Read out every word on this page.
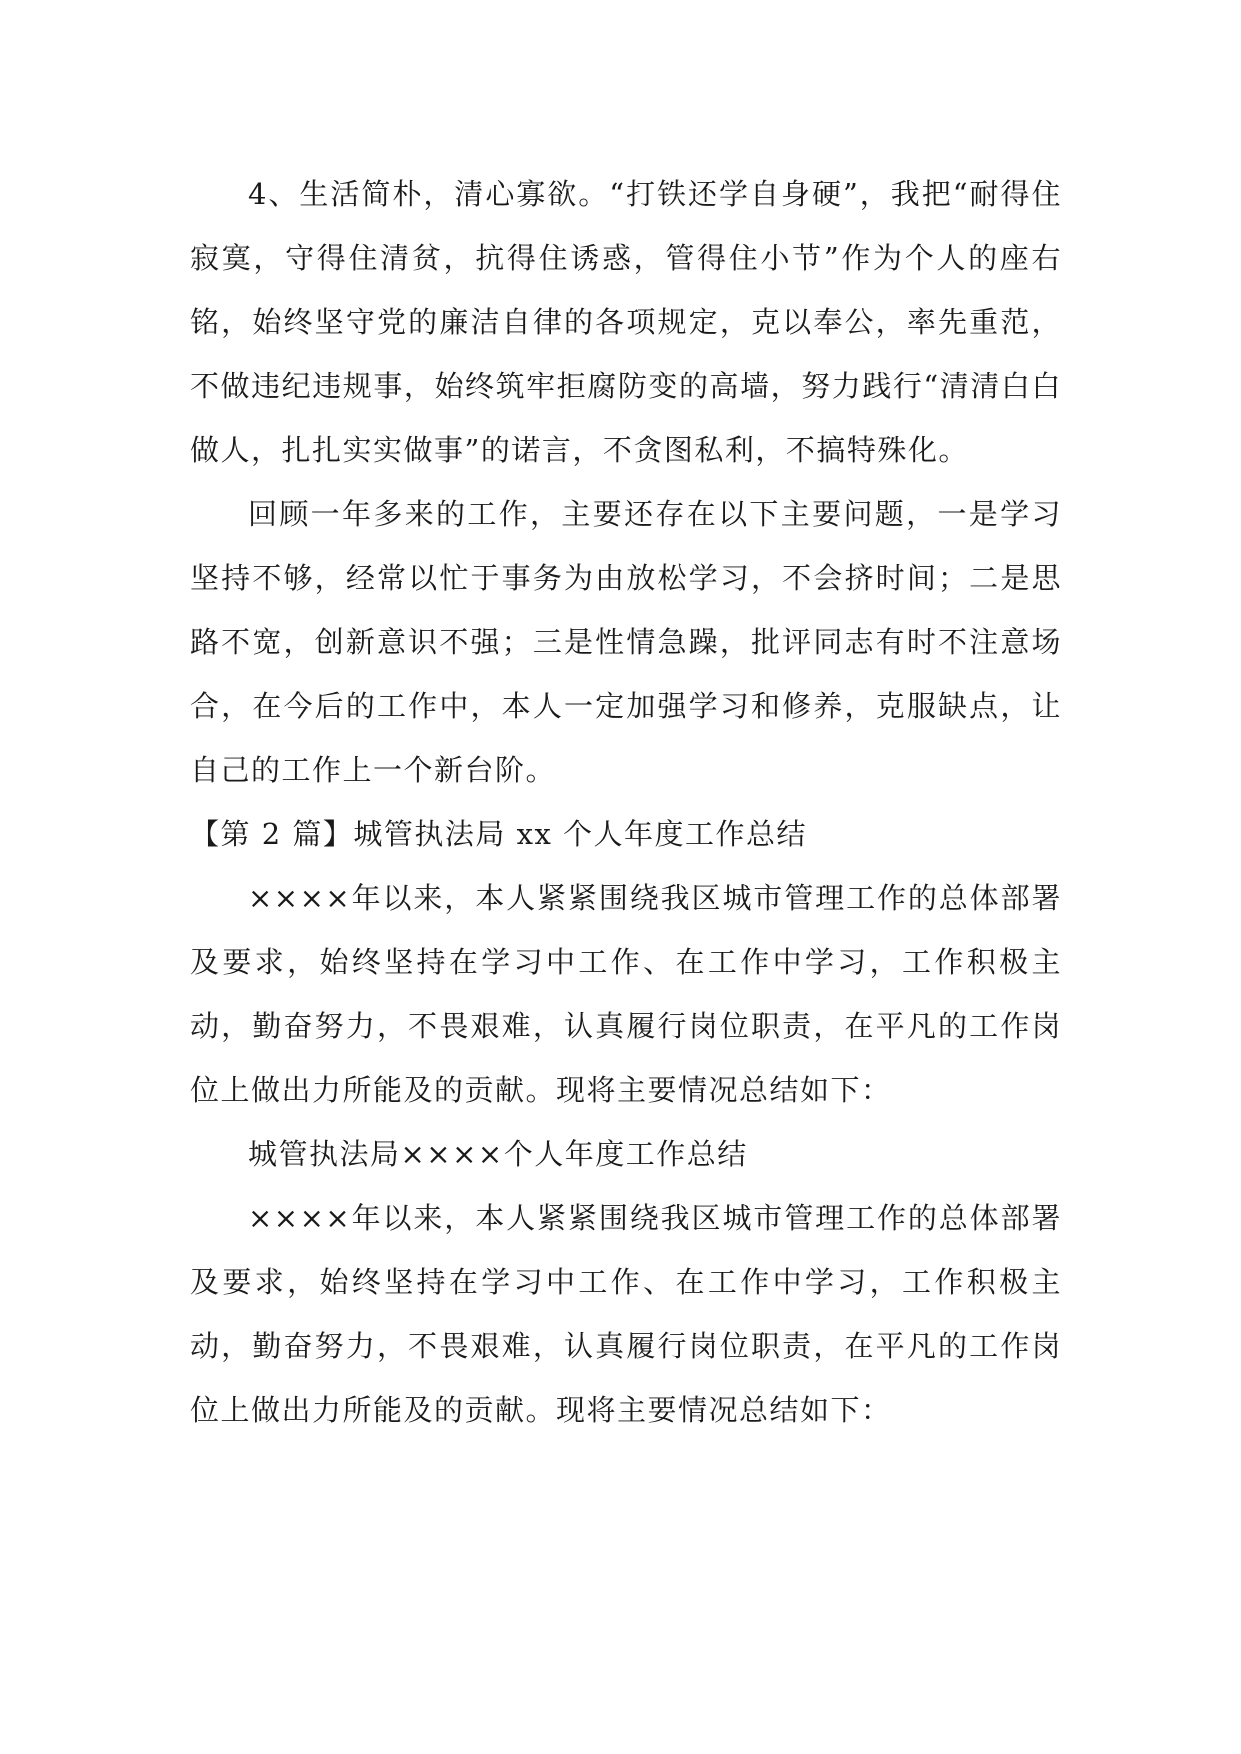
4、生活简朴，清心寡欲。“打铁还学自身硬”，我把“耐得住寂寞，守得住清贫，抗得住诱惑，管得住小节”作为个人的座右铭，始终坚守党的廉洁自律的各项规定，克以奉公，率先重范，不做违纪违规事，始终筑牢拒腐防变的高墙，努力践行“清清白白做人，扎扎实实做事”的诺言，不贪图私利，不搞特殊化。

回顾一年多来的工作，主要还存在以下主要问题，一是学习坚持不够，经常以忙于事务为由放松学习，不会挤时间；二是思路不宽，创新意识不强；三是性情急躁，批评同志有时不注意场合，在今后的工作中，本人一定加强学习和修养，克服缺点，让自己的工作上一个新台阶。

【第 2 篇】城管执法局 xx 个人年度工作总结

××××年以来，本人紧紧围绕我区城市管理工作的总体部署及要求，始终坚持在学习中工作、在工作中学习，工作积极主动，勤奋努力，不畏艰难，认真履行岗位职责，在平凡的工作岗位上做出力所能及的贡献。现将主要情况总结如下：

城管执法局××××个人年度工作总结

××××年以来，本人紧紧围绕我区城市管理工作的总体部署及要求，始终坚持在学习中工作、在工作中学习，工作积极主动，勤奋努力，不畏艰难，认真履行岗位职责，在平凡的工作岗位上做出力所能及的贡献。现将主要情况总结如下：
